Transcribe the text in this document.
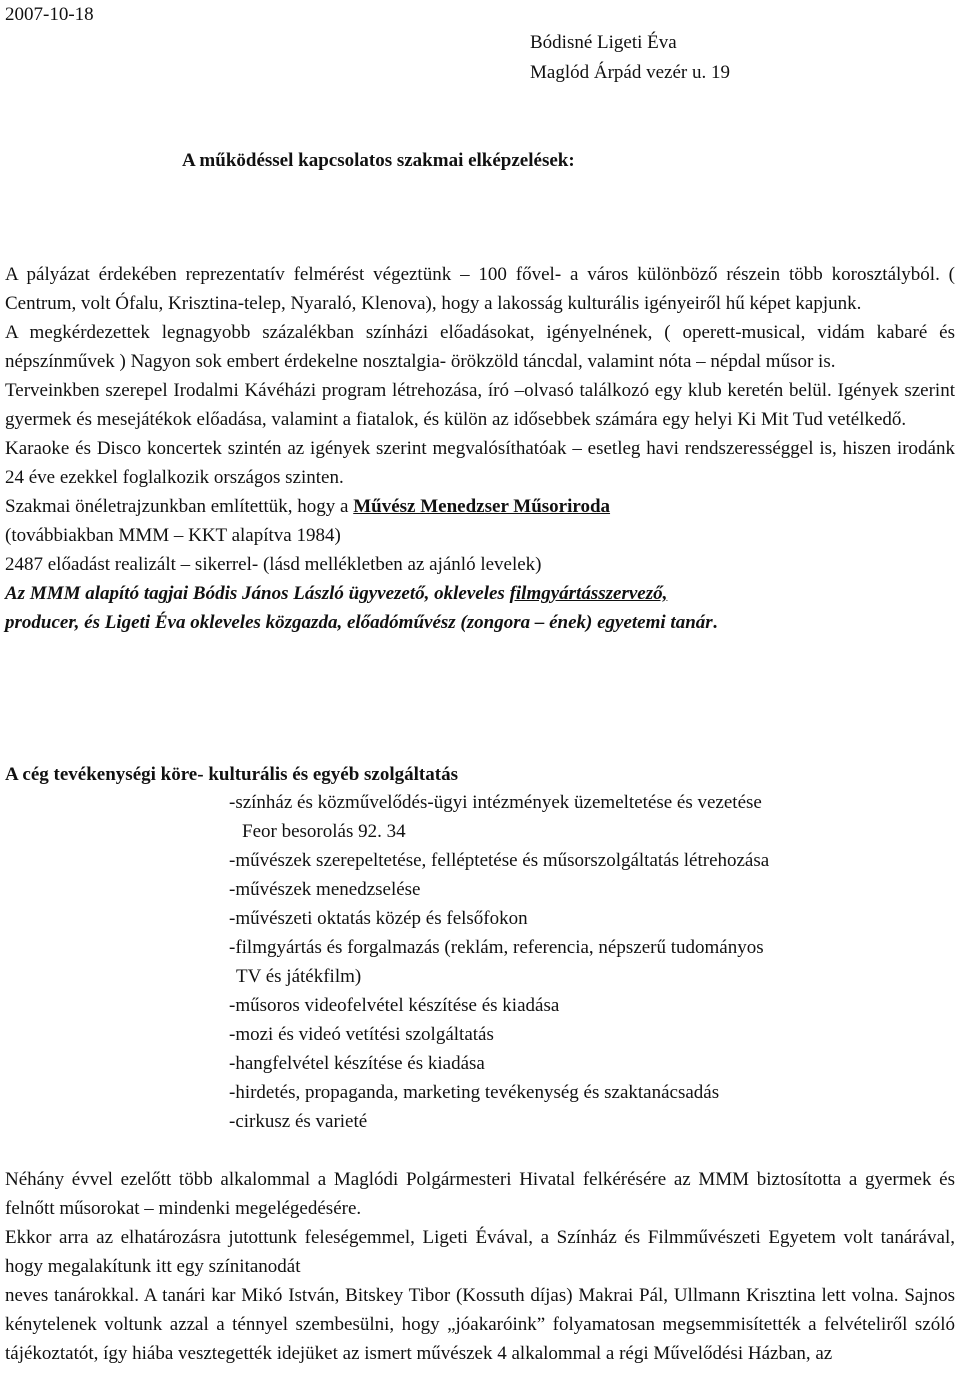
2007-10-18
Bódisné Ligeti Éva
Maglód Árpád vezér u. 19
A működéssel kapcsolatos szakmai elképzelések:

A pályázat érdekében reprezentatív felmérést végeztünk – 100 fővel- a város különböző részein több korosztályból. ( Centrum, volt Ófalu, Krisztina-telep, Nyaraló, Klenova), hogy a lakosság kulturális igényeiről hű képet kapjunk.

A megkérdezettek legnagyobb százalékban színházi előadásokat, igényelnének, ( operett-musical, vidám kabaré és népszínművek ) Nagyon sok embert érdekelne nosztalgia- örökzöld táncdal, valamint nóta – népdal műsor is.

Terveinkben szerepel Irodalmi Kávéházi program létrehozása, író –olvasó találkozó egy klub keretén belül. Igények szerint gyermek és mesejátékok előadása, valamint a fiatalok, és külön az idősebbek számára egy helyi Ki Mit Tud vetélkedő.

Karaoke és Disco koncertek szintén az igények szerint megvalósíthatóak – esetleg havi rendszerességgel is, hiszen irodánk 24 éve ezekkel foglalkozik országos szinten.

Szakmai önéletrajzunkban említettük, hogy a Művész Menedzser Műsoriroda

(továbbiakban MMM – KKT alapítva 1984)

2487 előadást realizált – sikerrel- (lásd mellékletben az ajánló levelek)

Az MMM alapító tagjai Bódis János László ügyvezető, okleveles filmgyártásszervező,
producer, és Ligeti Éva okleveles közgazda, előadóművész (zongora – ének) egyetemi tanár.

A cég tevékenységi köre- kulturális és egyéb szolgáltatás
-színház és közművelődés-ügyi intézmények üzemeltetése és vezetése
Feor besorolás 92. 34
-művészek szerepeltetése, felléptetése és műsorszolgáltatás létrehozása
-művészek menedzselése
-művészeti oktatás közép és felsőfokon
-filmgyártás és forgalmazás (reklám, referencia, népszerű tudományos
TV és játékfilm)
-műsoros videofelvétel készítése és kiadása
-mozi és videó vetítési szolgáltatás
-hangfelvétel készítése és kiadása
-hirdetés, propaganda, marketing tevékenység és szaktanácsadás
-cirkusz és varieté

Néhány évvel ezelőtt több alkalommal a Maglódi Polgármesteri Hivatal felkérésére az MMM biztosította a gyermek és felnőtt műsorokat – mindenki megelégedésére.

Ekkor arra az elhatározásra jutottunk feleségemmel, Ligeti Évával, a Színház és Filmművészeti Egyetem volt tanárával, hogy megalakítunk itt egy színitanodát

neves tanárokkal. A tanári kar Mikó István, Bitskey Tibor (Kossuth díjas) Makrai Pál, Ullmann Krisztina lett volna. Sajnos kénytelenek voltunk azzal a ténnyel szembesülni, hogy „jóakaróink” folyamatosan megsemmisítették a felvételiről szóló tájékoztatót, így hiába vesztegették idejüket az ismert művészek 4 alkalommal a régi Művelődési Házban, az
